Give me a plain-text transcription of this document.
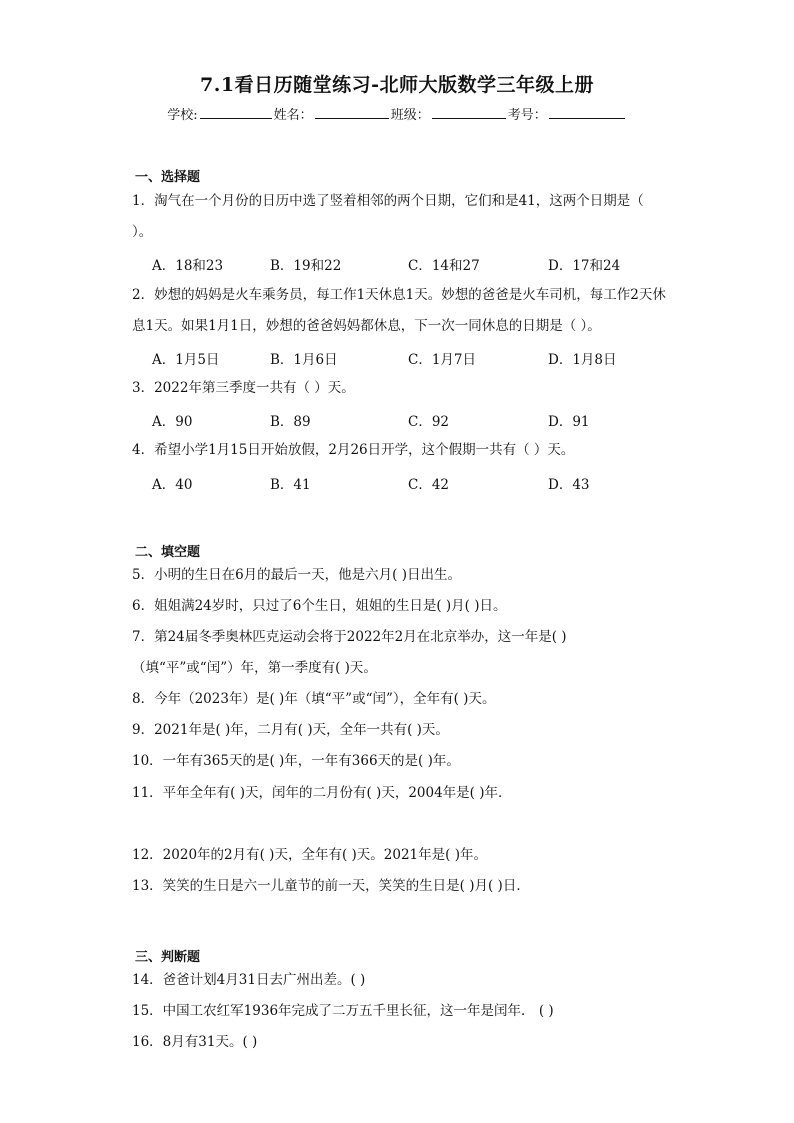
7.1看日历随堂练习-北师大版数学三年级上册
学校:	姓名：	班级：	考号：
一、选择题
1．淘气在一个月份的日历中选了竖着相邻的两个日期，它们和是41，这两个日期是（ ）。
A．18和23	B．19和22	C．14和27	D．17和24
2．妙想的妈妈是火车乘务员，每工作1天休息1天。妙想的爸爸是火车司机，每工作2天休息1天。如果1月1日，妙想的爸爸妈妈都休息，下一次一同休息的日期是（ ）。
A．1月5日	B．1月6日	C．1月7日	D．1月8日
3．2022年第三季度一共有（ ）天。
A．90	B．89	C．92	D．91
4．希望小学1月15日开始放假，2月26日开学，这个假期一共有（ ）天。
A．40	B．41	C．42	D．43
二、填空题
5．小明的生日在6月的最后一天，他是六月( )日出生。
6．姐姐满24岁时，只过了6个生日，姐姐的生日是( )月( )日。
7．第24届冬季奥林匹克运动会将于2022年2月在北京举办，这一年是( )（填“平”或“闰”）年，第一季度有( )天。
8．今年（2023年）是( )年（填“平”或“闰”），全年有( )天。
9．2021年是( )年，二月有( )天，全年一共有( )天。
10．一年有365天的是( )年，一年有366天的是( )年。
11．平年全年有( )天，闰年的二月份有( )天，2004年是( )年．
12．2020年的2月有( )天，全年有( )天。2021年是( )年。
13．笑笑的生日是六一儿童节的前一天，笑笑的生日是( )月( )日．
三、判断题
14．爸爸计划4月31日去广州出差。( )
15．中国工农红军1936年完成了二万五千里长征，这一年是闰年． ( )
16．8月有31天。( )
